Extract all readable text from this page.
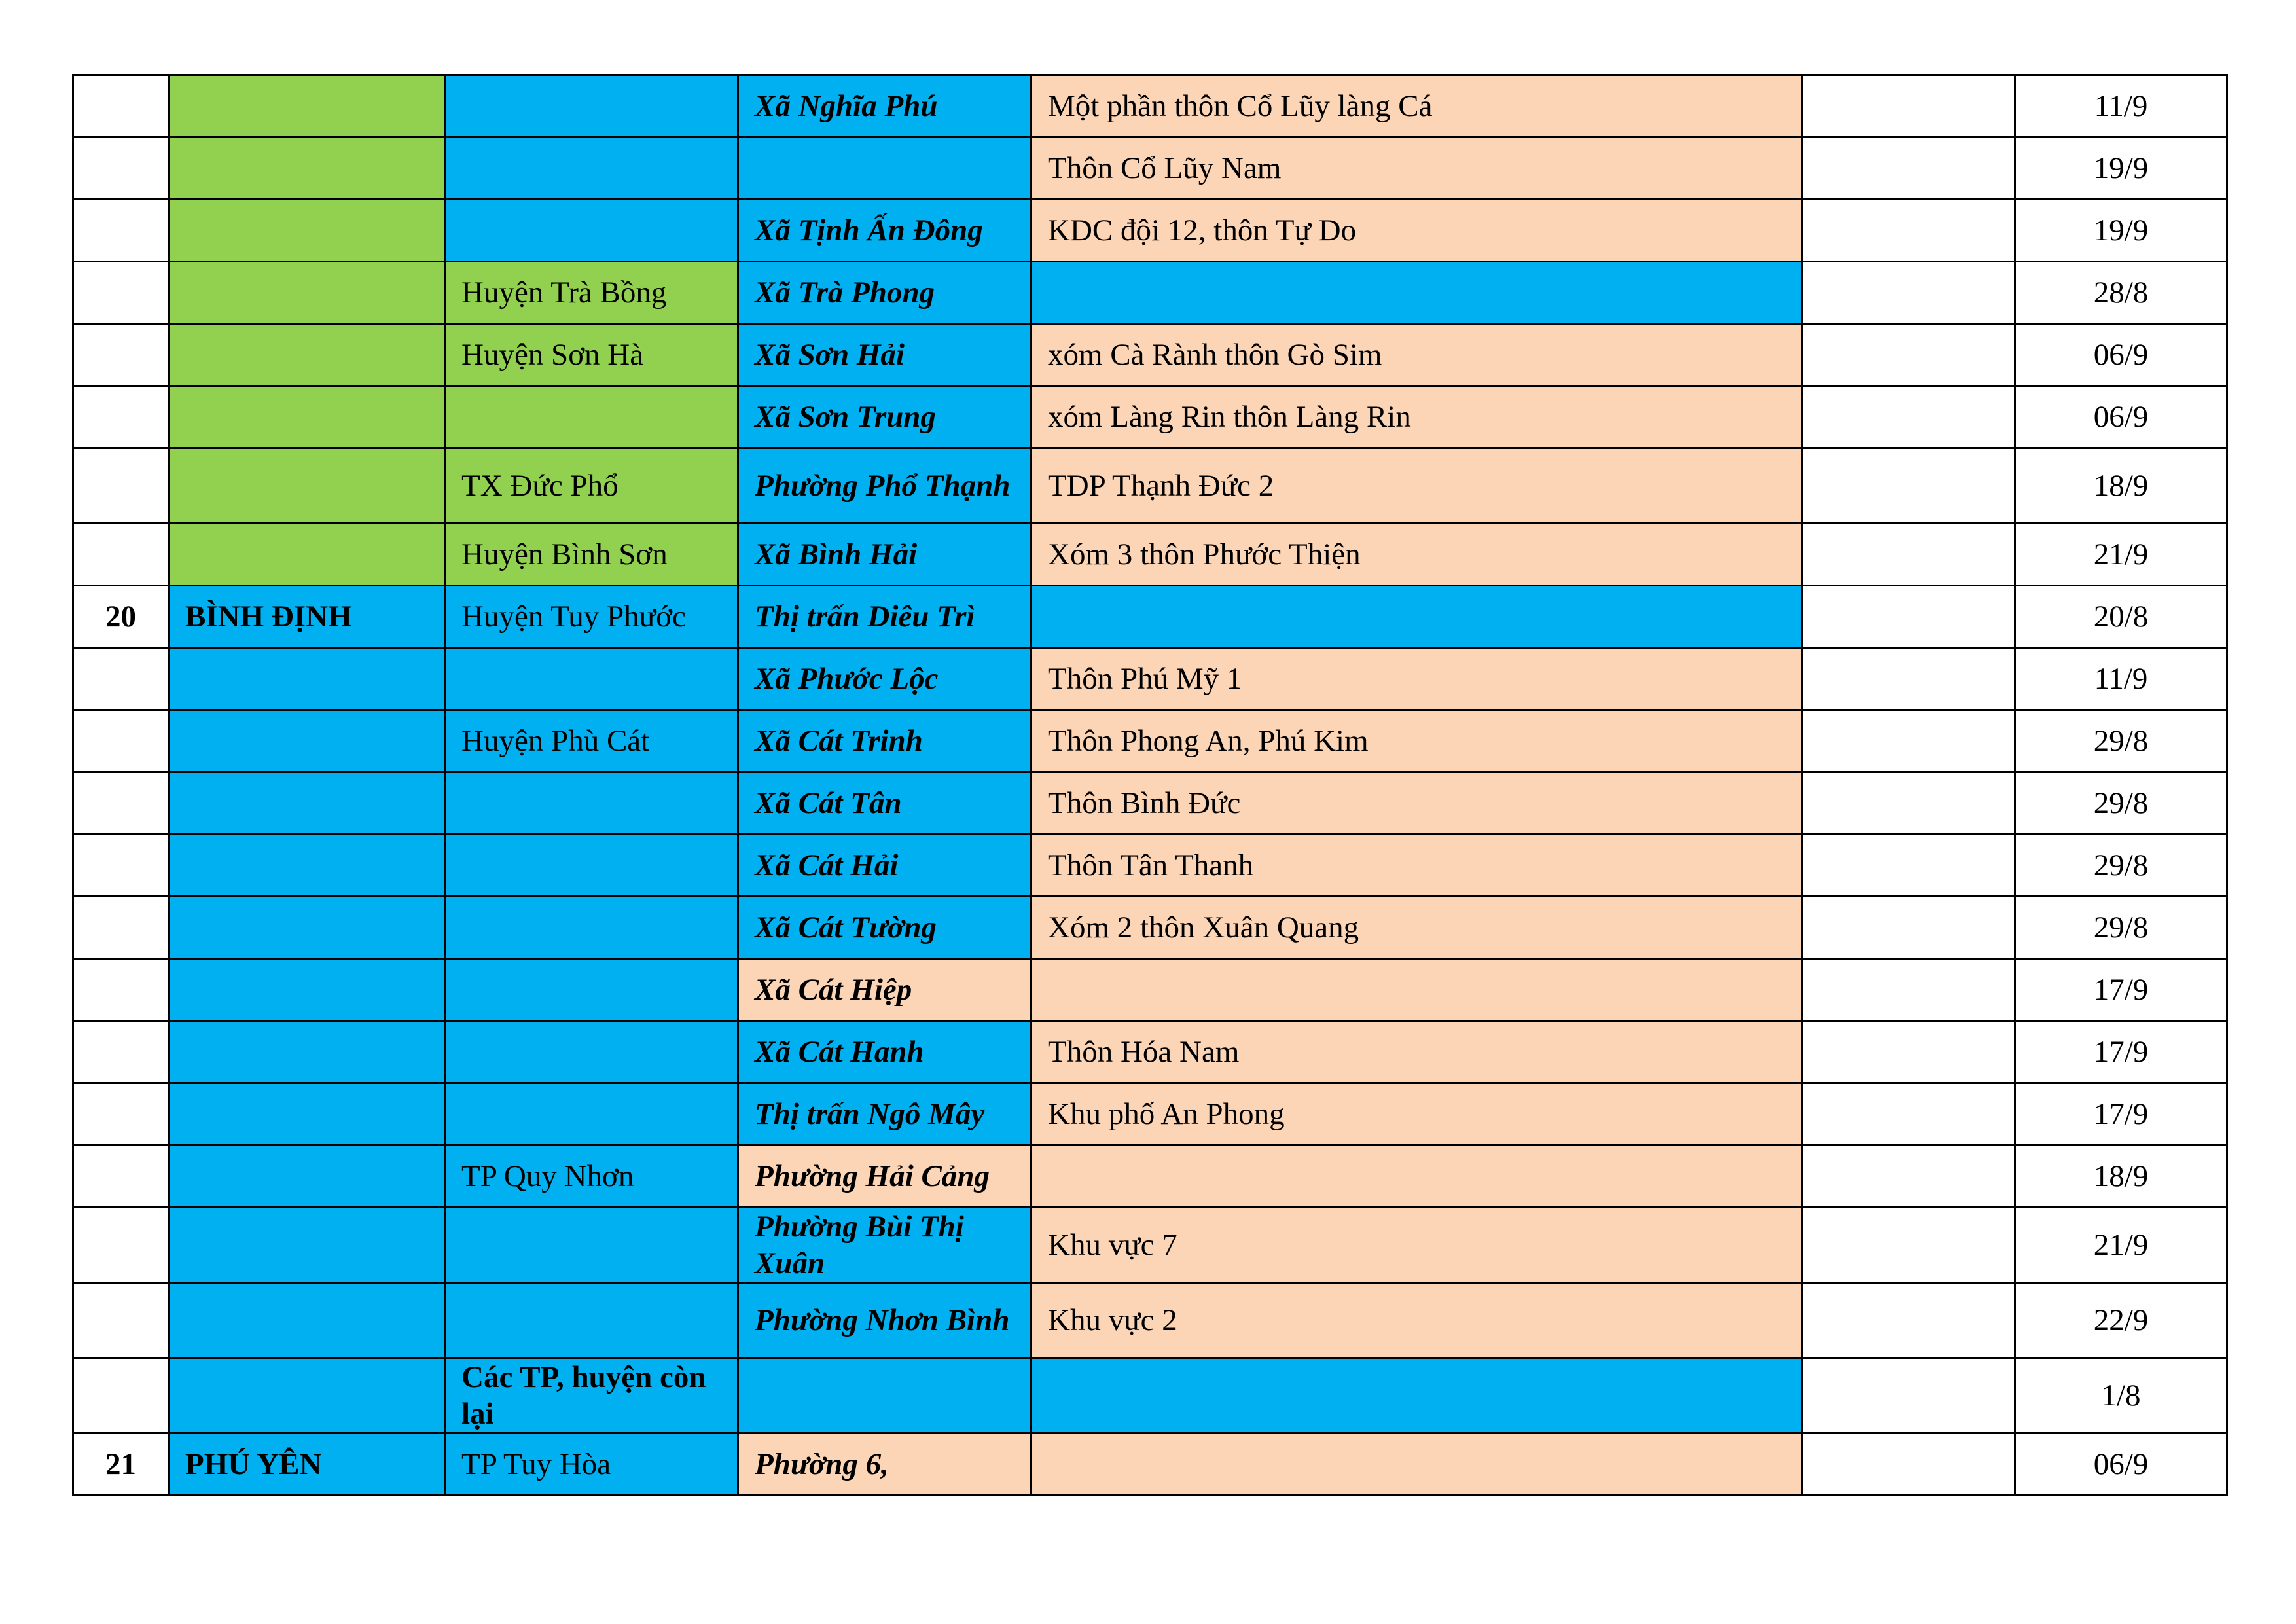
			Xã Nghĩa Phú	Một phần thôn Cổ Lũy làng Cá		11/9
				Thôn Cổ Lũy Nam		19/9
			Xã Tịnh Ấn Đông	KDC đội 12, thôn Tự Do		19/9
		Huyện Trà Bồng	Xã Trà Phong			28/8
		Huyện Sơn Hà	Xã Sơn Hải	xóm Cà Rành thôn Gò Sim		06/9
			Xã Sơn Trung	xóm Làng Rin thôn Làng Rin		06/9
		TX Đức Phổ	Phường Phổ Thạnh	TDP Thạnh Đức 2		18/9
		Huyện Bình Sơn	Xã Bình Hải	Xóm 3 thôn Phước Thiện		21/9
20	BÌNH ĐỊNH	Huyện Tuy Phước	Thị trấn Diêu Trì			20/8
			Xã Phước Lộc	Thôn Phú Mỹ 1		11/9
		Huyện Phù Cát	Xã Cát Trinh	Thôn Phong An, Phú Kim		29/8
			Xã Cát Tân	Thôn Bình Đức		29/8
			Xã Cát Hải	Thôn Tân Thanh		29/8
			Xã Cát Tường	Xóm 2 thôn Xuân Quang		29/8
			Xã Cát Hiệp			17/9
			Xã Cát Hanh	Thôn Hóa Nam		17/9
			Thị trấn Ngô Mây	Khu phố An Phong		17/9
		TP Quy Nhơn	Phường Hải Cảng			18/9
			Phường Bùi Thị Xuân	Khu vực 7		21/9
			Phường Nhơn Bình	Khu vực 2		22/9
		Các TP, huyện còn lại				1/8
21	PHÚ YÊN	TP Tuy Hòa	Phường 6,			06/9
